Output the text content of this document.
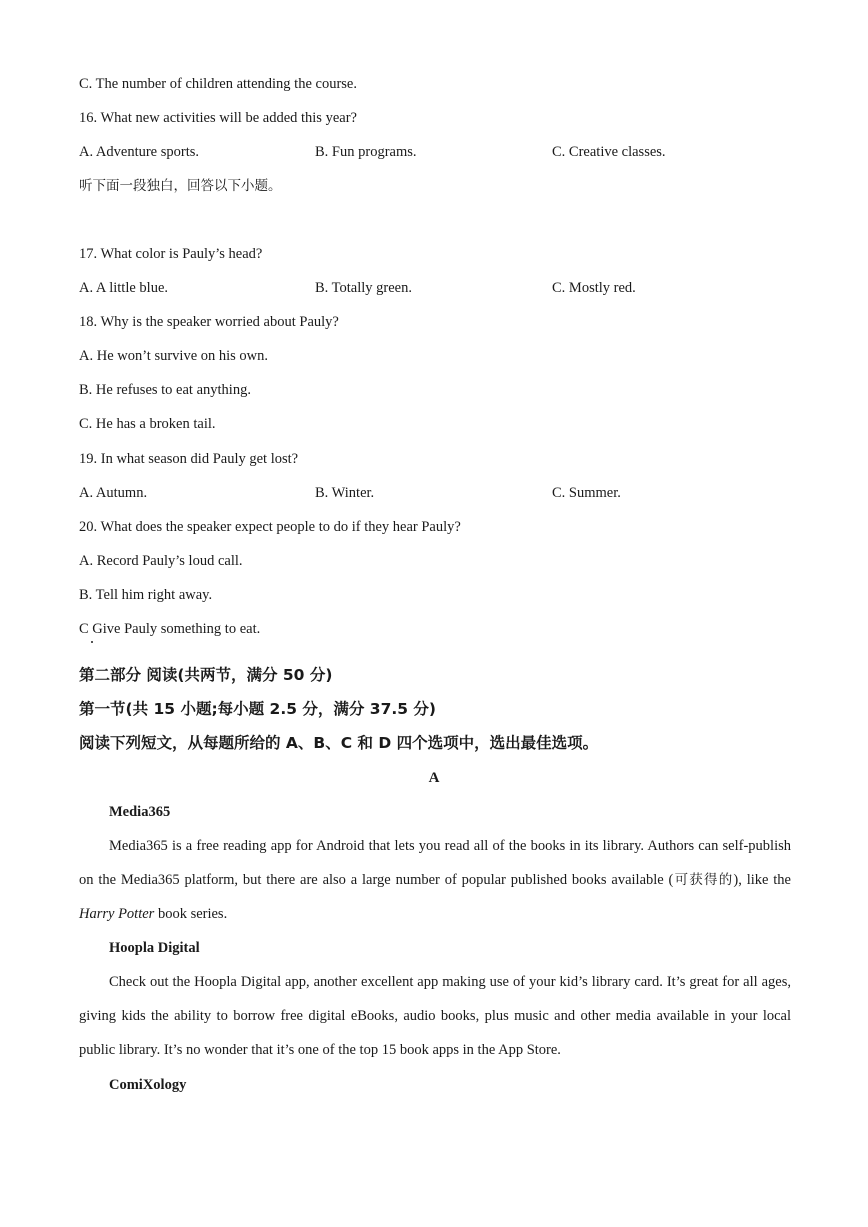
C. The number of children attending the course.
16. What new activities will be added this year?
A. Adventure sports.	B. Fun programs.	C. Creative classes.
听下面一段独白，回答以下小题。
17. What color is Pauly’s head?
A. A little blue.	B. Totally green.	C. Mostly red.
18. Why is the speaker worried about Pauly?
A. He won’t survive on his own.
B. He refuses to eat anything.
C. He has a broken tail.
19. In what season did Pauly get lost?
A. Autumn.	B. Winter.	C. Summer.
20. What does the speaker expect people to do if they hear Pauly?
A. Record Pauly’s loud call.
B. Tell him right away.
C Give Pauly something to eat.
第二部分 阅读(共两节，满分 50 分)
第一节(共 15 小题;每小题 2.5 分，满分 37.5 分)
阅读下列短文，从每题所给的 A、B、C 和 D 四个选项中，选出最佳选项。
A
Media365
Media365 is a free reading app for Android that lets you read all of the books in its library. Authors can self-publish on the Media365 platform, but there are also a large number of popular published books available (可获得的), like the Harry Potter book series.
Hoopla Digital
Check out the Hoopla Digital app, another excellent app making use of your kid’s library card. It’s great for all ages, giving kids the ability to borrow free digital eBooks, audio books, plus music and other media available in your local public library. It’s no wonder that it’s one of the top 15 book apps in the App Store.
ComiXology
